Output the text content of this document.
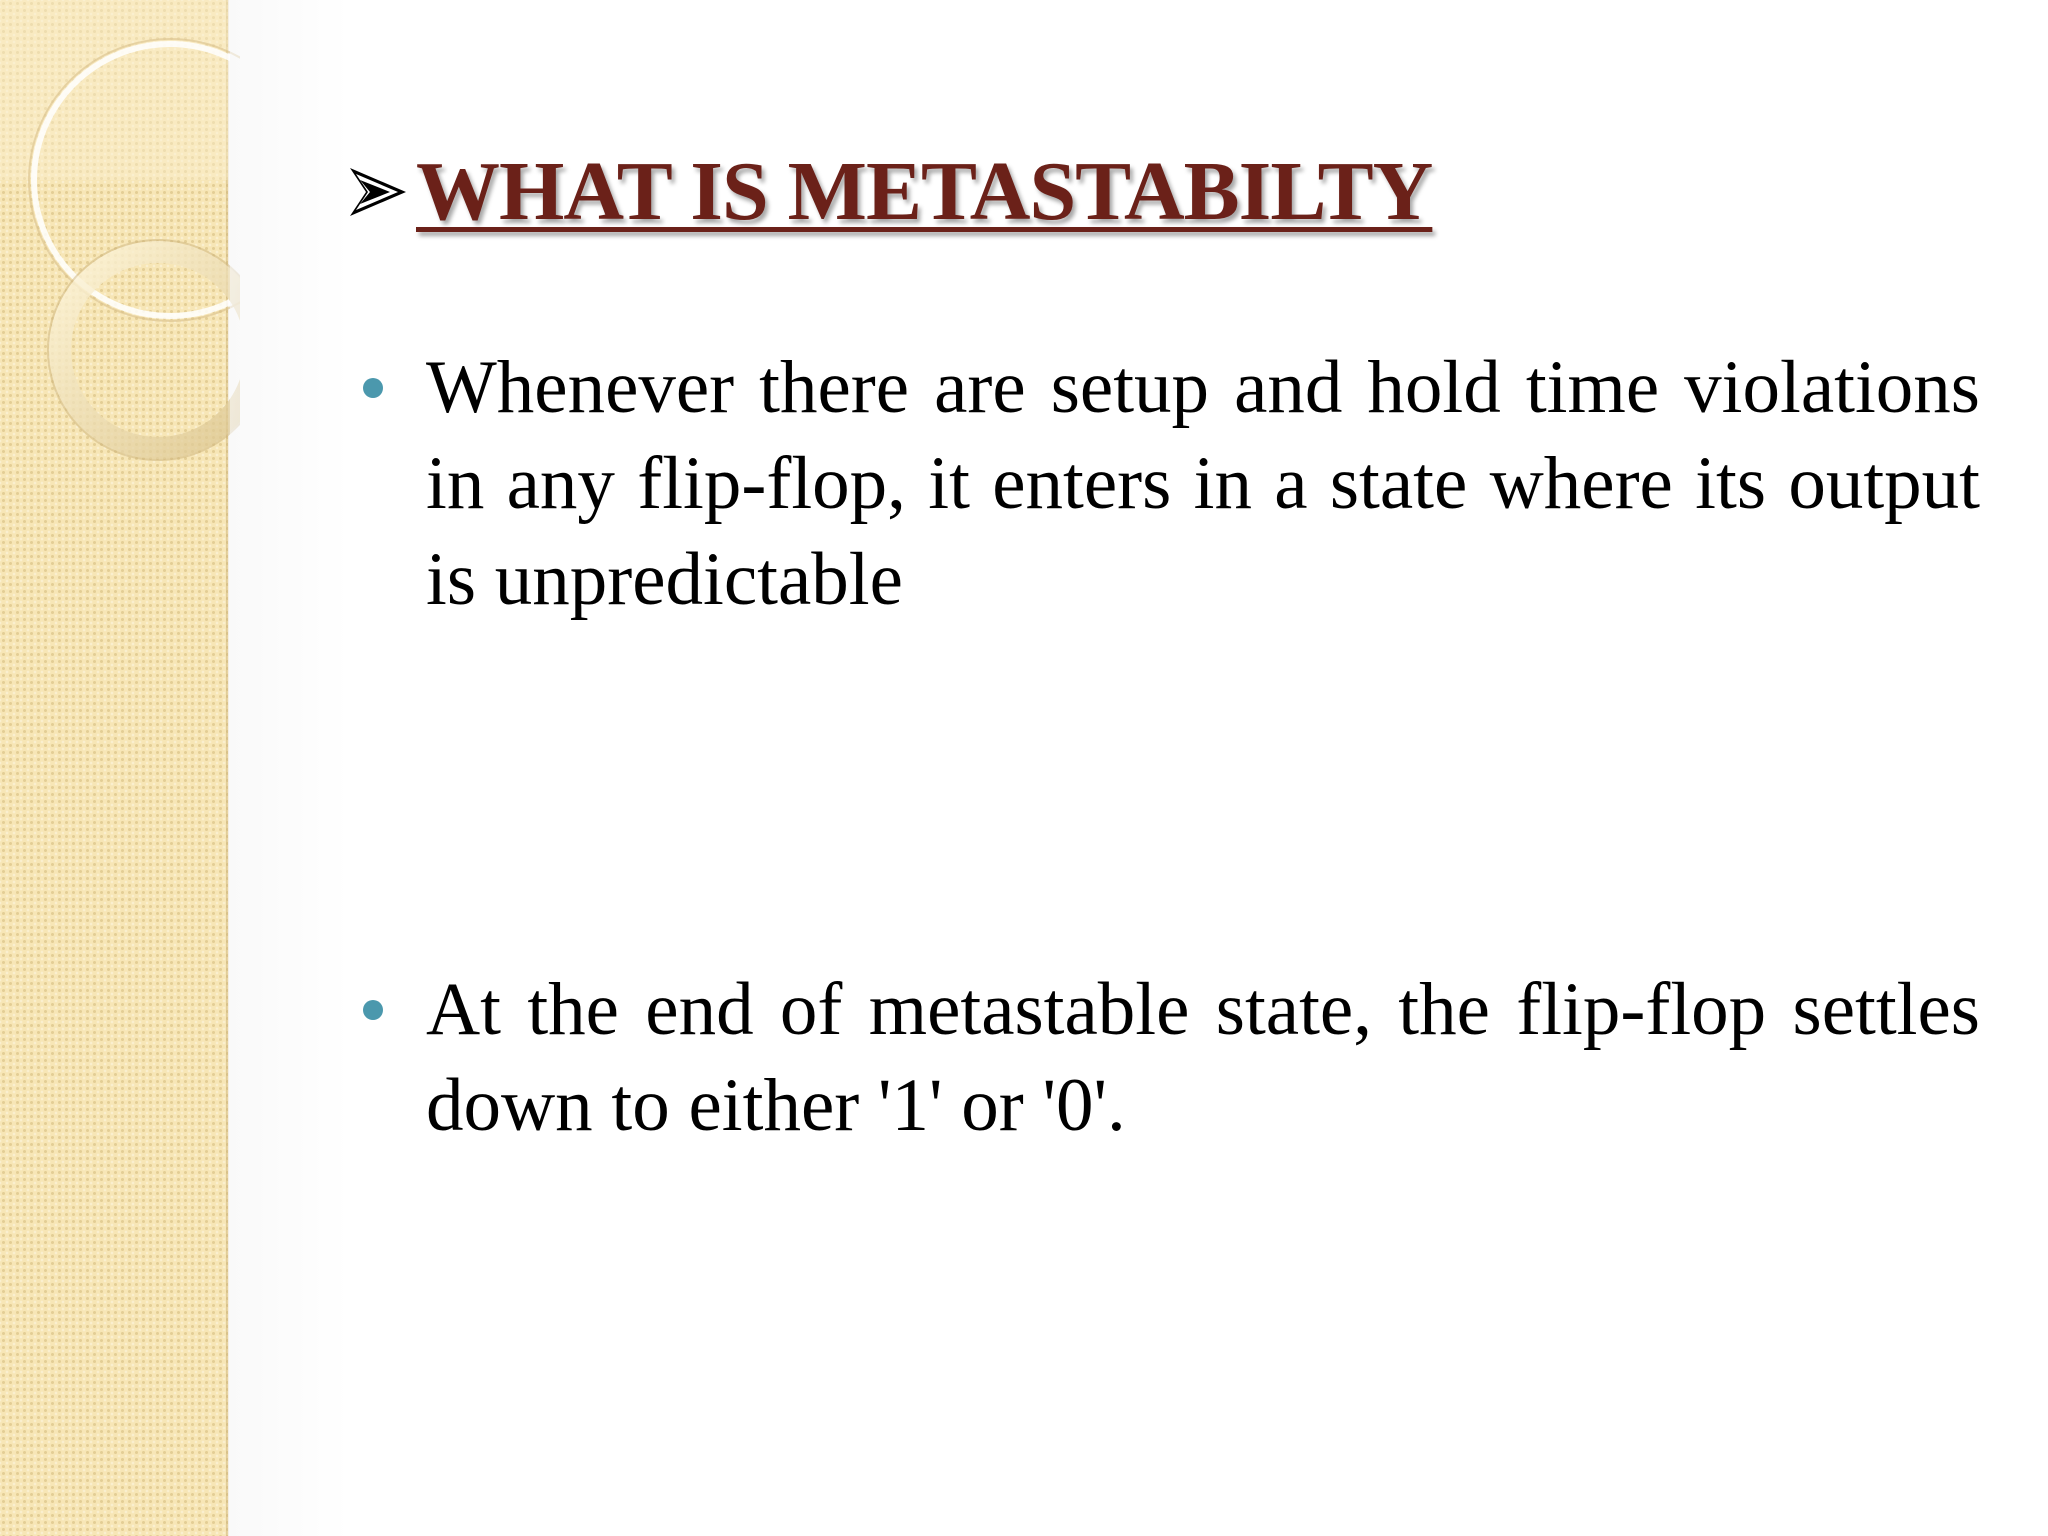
WHAT IS METASTABILTY
Whenever there are setup and hold time violations in any flip-flop, it enters in a state where its output is unpredictable
At the end of metastable state, the flip-flop settles down to either '1' or '0'.
